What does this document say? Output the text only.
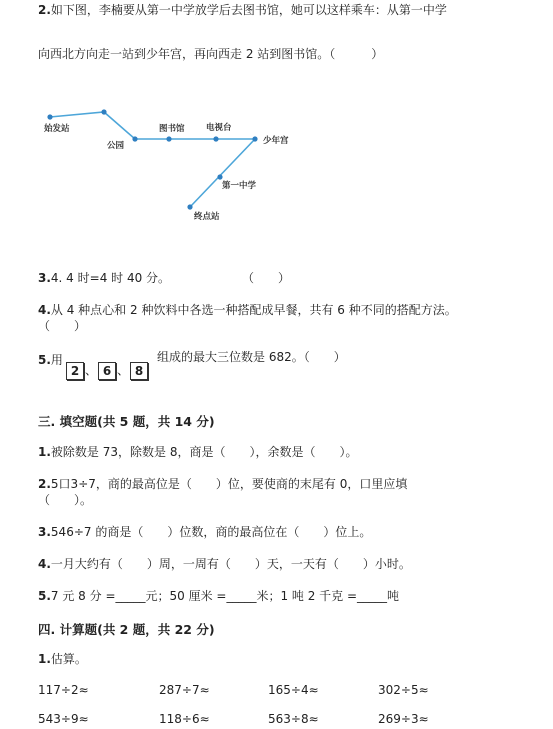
2.如下图，李楠要从第一中学放学后去图书馆，她可以这样乘车：从第一中学
向西北方向走一站到少年宫，再向西走 2 站到图书馆。（　　　）
始发站
公园
图书馆	电视台
少年宫
第一中学
终点站
3.4. 4 时=4 时 40 分。　　　　　　　（　　）
4.从 4 种点心和 2 种饮料中各选一种搭配成早餐，共有 6 种不同的搭配方法。
（　　）
5.用
2 、 6 、 8
组成的最大三位数是 682。（　　）
三. 填空题(共 5 题，共 14 分)
1.被除数是 73，除数是 8，商是（　　），余数是（　　）。
2.5口3÷7，商的最高位是（　　）位，要使商的末尾有 0，口里应填
（　　）。
3.546÷7 的商是（　　）位数，商的最高位在（　　）位上。
4.一月大约有（　　）周，一周有（　　）天，一天有（　　）小时。
5.7 元 8 分 =_____元；50 厘米 =_____米；1 吨 2 千克 =_____吨
四. 计算题(共 2 题，共 22 分)
1.估算。
117÷2≈	287÷7≈	165÷4≈	302÷5≈
543÷9≈	118÷6≈	563÷8≈	269÷3≈
